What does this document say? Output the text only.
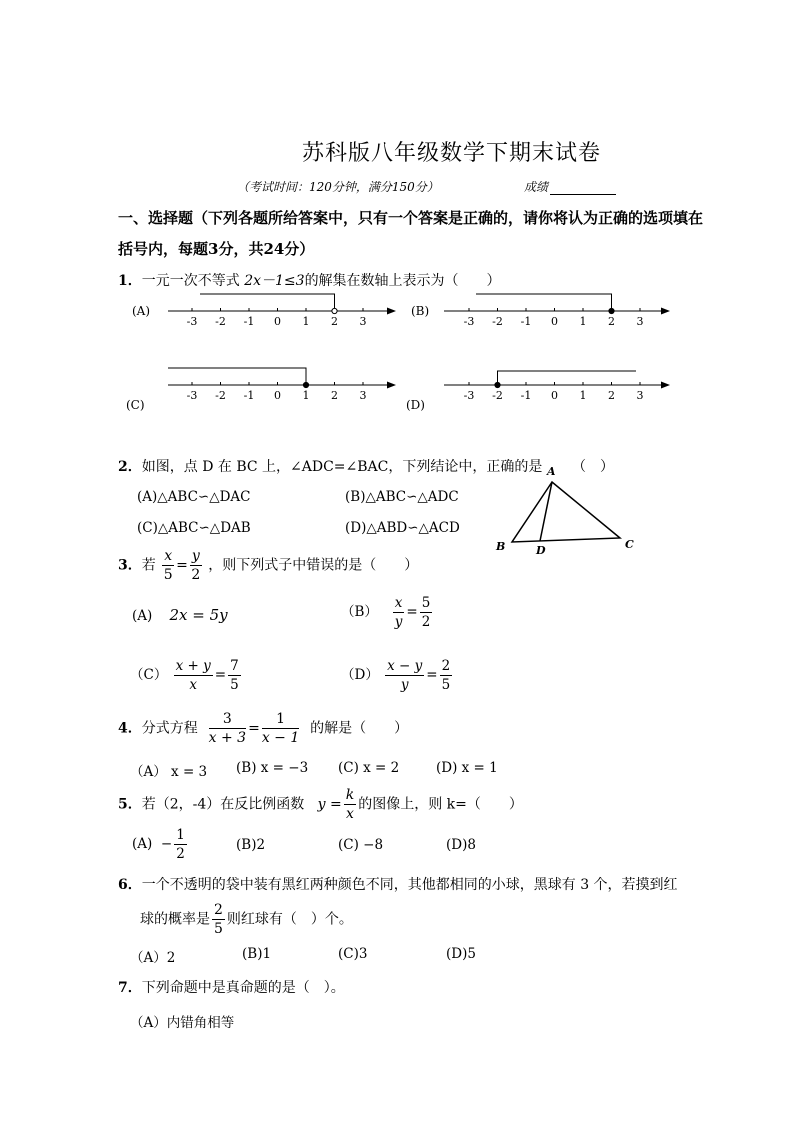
苏科版八年级数学下期末试卷
（考试时间：120分钟，满分150分）	成绩
一、选择题（下列各题所给答案中，只有一个答案是正确的，请你将认为正确的选项填在
括号内，每题3分，共24分）
1．一元一次不等式 2x－1≤3的解集在数轴上表示为（　　）
(A)
-3 -2 -1 0 1 2 3
(B)
-3 -2 -1 0 1 2 3
(C)
-3 -2 -1 0 1 2 3
(D)
-3 -2 -1 0 1 2 3
2．如图，点 D 在 BC 上，∠ADC=∠BAC，下列结论中，正确的是 （　）
(A)△ABC∽△DAC	(B)△ABC∽△ADC
(C)△ABC∽△DAB	(D)△ABD∽△ACD
A
B	D	C
3．若 $\frac{x}{5} = \frac{y}{2}$ ，则下列式子中错误的是（　　）
(A) 2x = 5y	$(B) \frac{x}{y} = \frac{5}{2}$
$(C) \frac{x + y}{x} = \frac{7}{5}$	$(D) \frac{x - y}{y} = \frac{2}{5}$
4．分式方程 $\frac{3}{x + 3} = \frac{1}{x - 1}$ 的解是（　　）
（A） x = 3 (B) x = −3 (C) x = 2	(D) x = 1
5．若（2，-4）在反比例函数 $y = \frac{k}{x}$ 的图像上，则 k=（　　）
$(A) - \frac{1}{2}$	(B)2	(C) −8	(D)8
6．一个不透明的袋中装有黑红两种颜色不同，其他都相同的小球，黑球有 3 个，若摸到红
球的概率是 $\frac{2}{5}$ 则红球有（　）个。
（A）2	(B)1	(C)3	(D)5
7．下列命题中是真命题的是（　）。
（A）内错角相等
